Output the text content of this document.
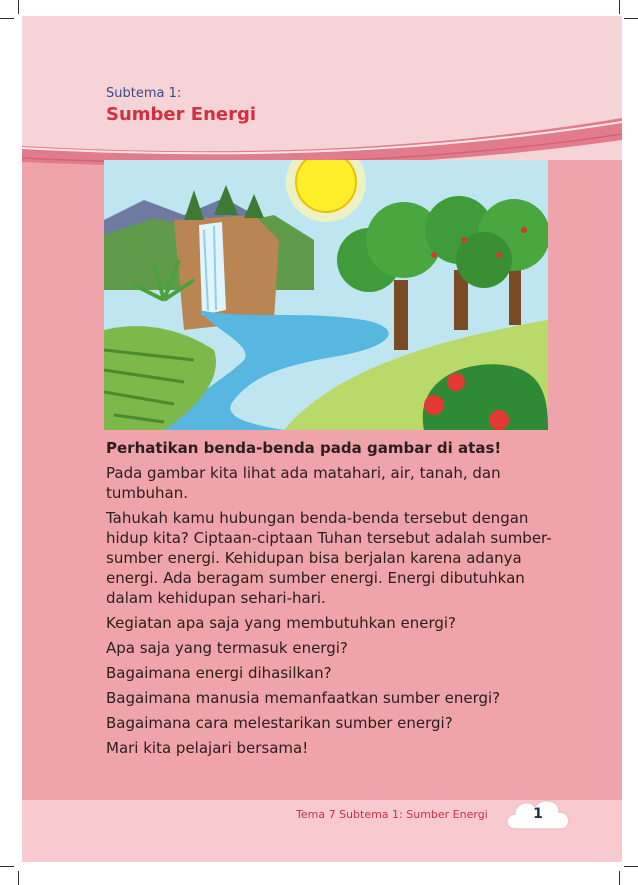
Subtema 1:
Sumber Energi

Perhatikan benda-benda pada gambar di atas!

Pada gambar kita lihat ada matahari, air, tanah, dan tumbuhan.

Tahukah kamu hubungan benda-benda tersebut dengan hidup kita? Ciptaan-ciptaan Tuhan tersebut adalah sumber-sumber energi. Kehidupan bisa berjalan karena adanya energi. Ada beragam sumber energi. Energi dibutuhkan dalam kehidupan sehari-hari.

Kegiatan apa saja yang membutuhkan energi?

Apa saja yang termasuk energi?

Bagaimana energi dihasilkan?

Bagaimana manusia memanfaatkan sumber energi?

Bagaimana cara melestarikan sumber energi?

Mari kita pelajari bersama!

Tema 7 Subtema 1: Sumber Energi	1
